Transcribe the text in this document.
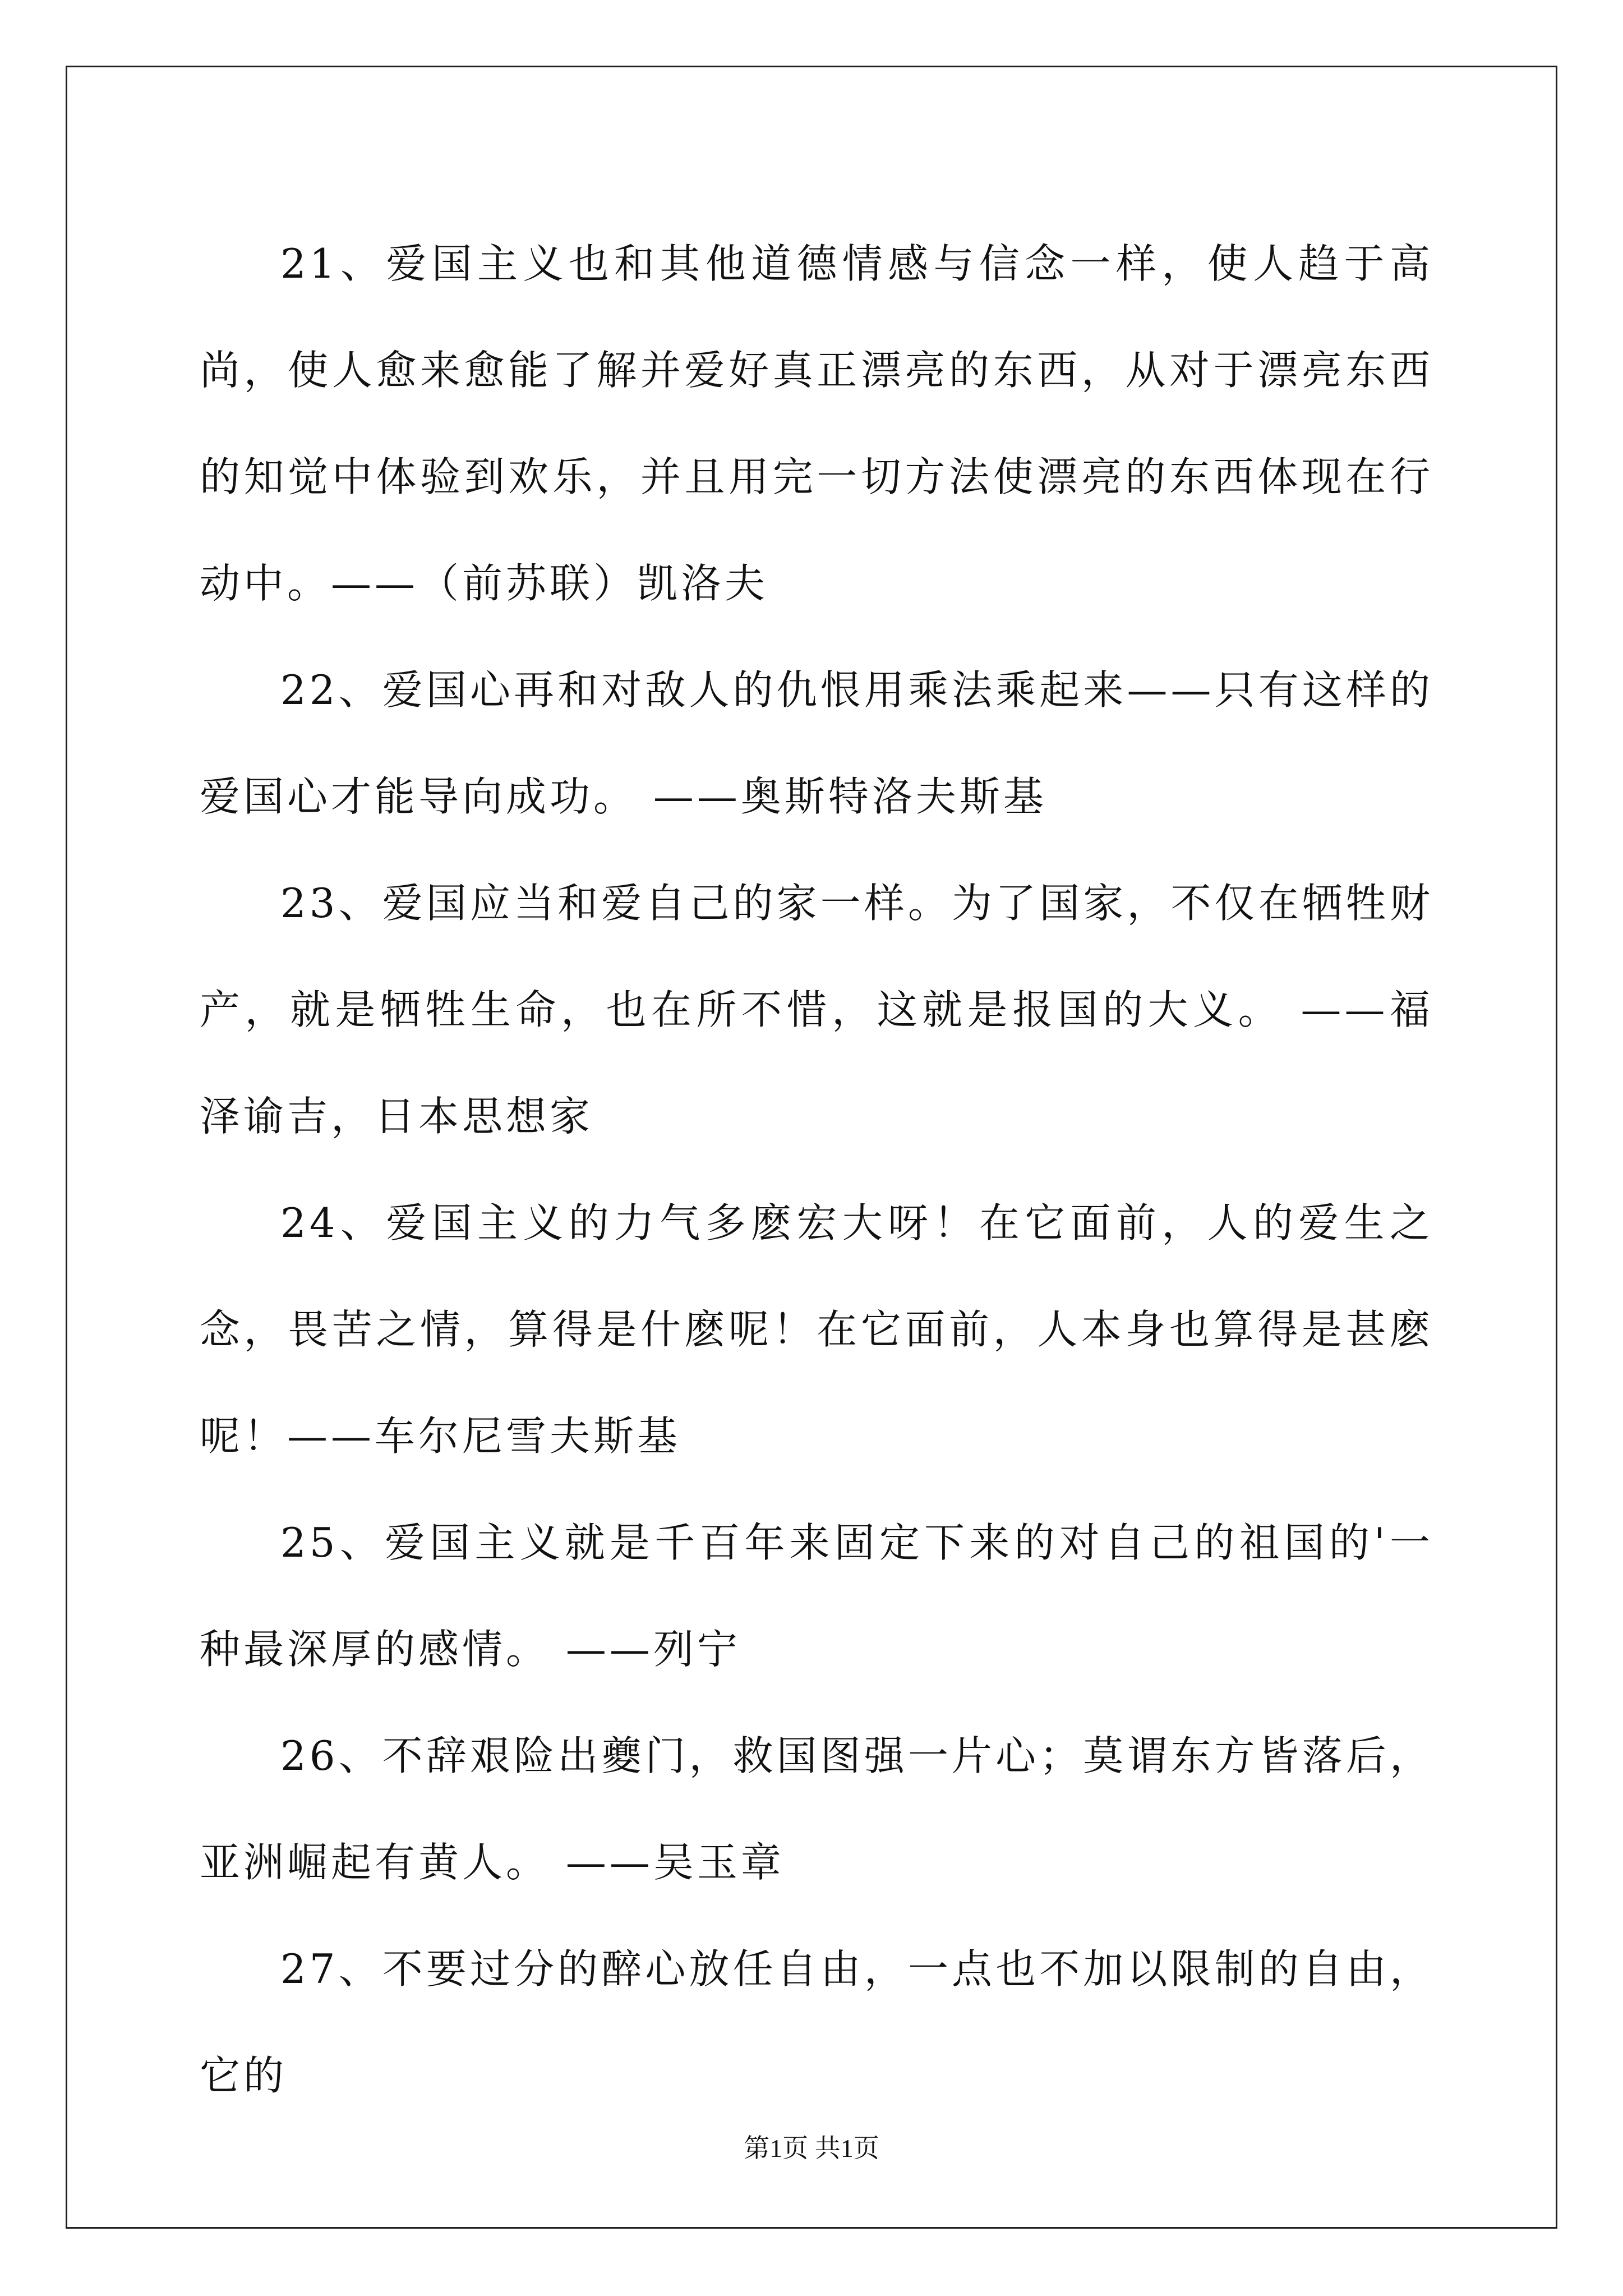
21、爱国主义也和其他道德情感与信念一样，使人趋于高尚，使人愈来愈能了解并爱好真正漂亮的东西，从对于漂亮东西的知觉中体验到欢乐，并且用完一切方法使漂亮的东西体现在行动中。——（前苏联）凯洛夫

22、爱国心再和对敌人的仇恨用乘法乘起来——只有这样的爱国心才能导向成功。 ——奥斯特洛夫斯基

23、爱国应当和爱自己的家一样。为了国家，不仅在牺牲财产，就是牺牲生命，也在所不惜，这就是报国的大义。 ——福泽谕吉，日本思想家

24、爱国主义的力气多麽宏大呀！在它面前，人的爱生之念，畏苦之情，算得是什麽呢！在它面前，人本身也算得是甚麽呢！——车尔尼雪夫斯基

25、爱国主义就是千百年来固定下来的对自己的祖国的'一种最深厚的感情。 ——列宁

26、不辞艰险出夔门，救国图强一片心；莫谓东方皆落后，亚洲崛起有黄人。 ——吴玉章

27、不要过分的醉心放任自由，一点也不加以限制的自由，它的

第1页 共1页
